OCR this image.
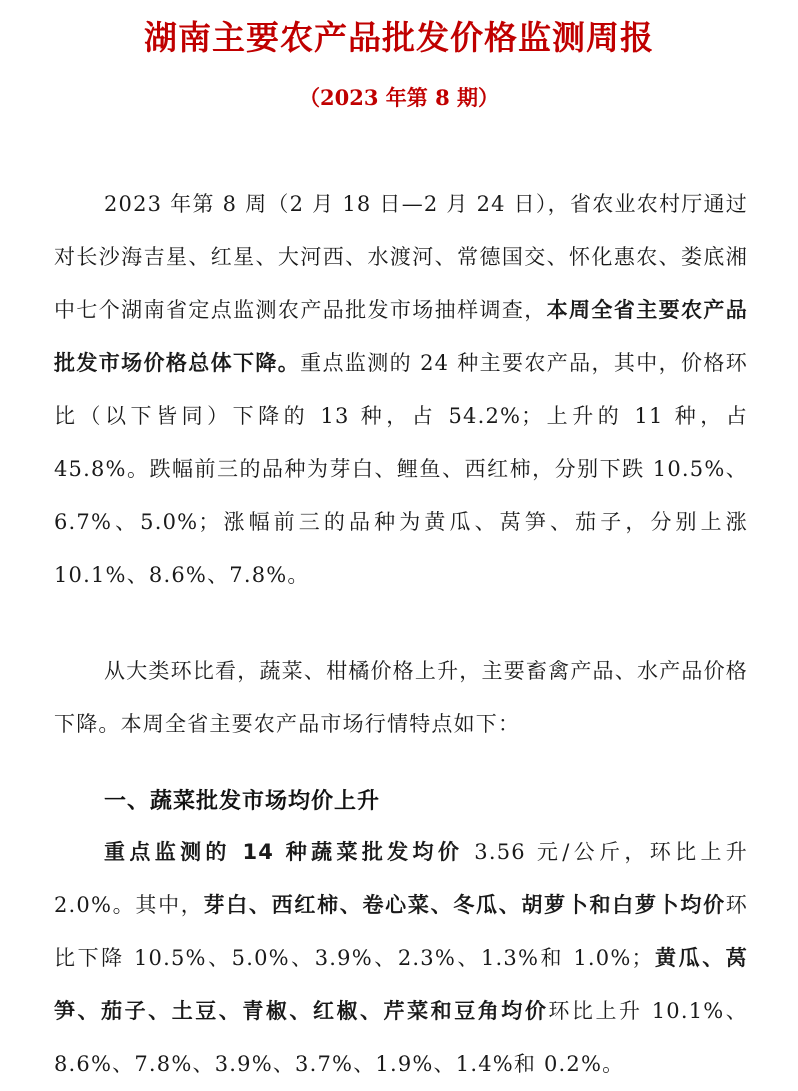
湖南主要农产品批发价格监测周报
（2023 年第 8 期）
2023 年第 8 周（2 月 18 日—2 月 24 日），省农业农村厅通过对长沙海吉星、红星、大河西、水渡河、常德国交、怀化惠农、娄底湘中七个湖南省定点监测农产品批发市场抽样调查，本周全省主要农产品批发市场价格总体下降。重点监测的 24 种主要农产品，其中，价格环比（以下皆同）下降的 13 种，占 54.2%；上升的 11 种，占 45.8%。跌幅前三的品种为芽白、鲤鱼、西红柿，分别下跌 10.5%、6.7%、5.0%；涨幅前三的品种为黄瓜、莴笋、茄子，分别上涨 10.1%、8.6%、7.8%。
从大类环比看，蔬菜、柑橘价格上升，主要畜禽产品、水产品价格下降。本周全省主要农产品市场行情特点如下：
一、蔬菜批发市场均价上升
重点监测的 14 种蔬菜批发均价 3.56 元/公斤，环比上升 2.0%。其中，芽白、西红柿、卷心菜、冬瓜、胡萝卜和白萝卜均价环比下降 10.5%、5.0%、3.9%、2.3%、1.3%和 1.0%；黄瓜、莴笋、茄子、土豆、青椒、红椒、芹菜和豆角均价环比上升 10.1%、8.6%、7.8%、3.9%、3.7%、1.9%、1.4%和 0.2%。
